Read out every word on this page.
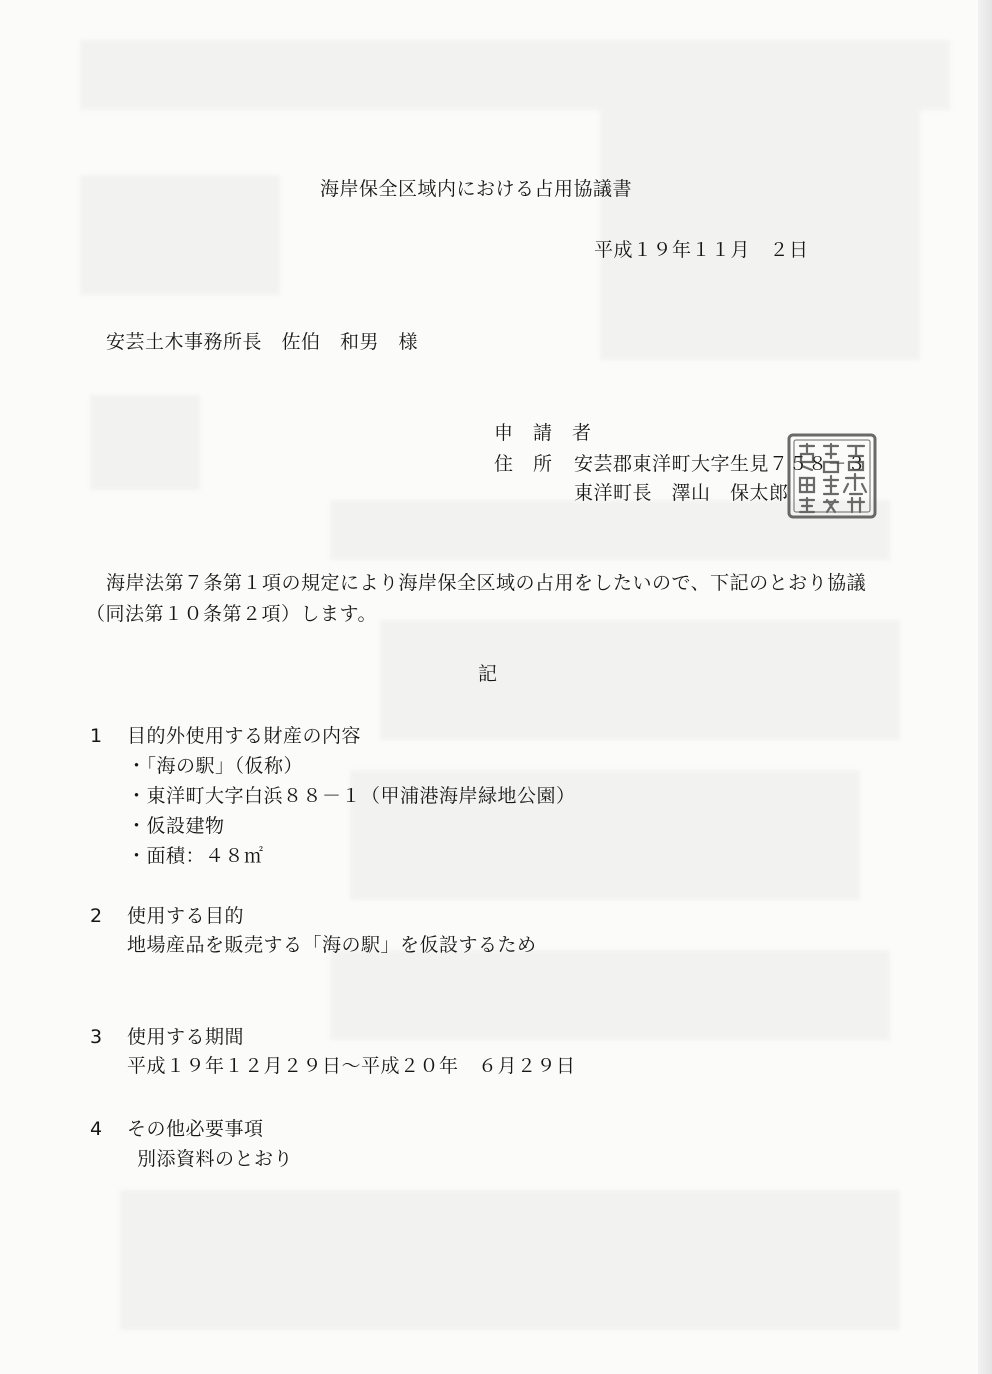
海岸保全区域内における占用協議書
平成１９年１１月　２日
安芸土木事務所長　佐伯　和男　様
申　請　者
住　所 安芸郡東洋町大字生見７５８－３
東洋町長　澤山　保太郎
海岸法第７条第１項の規定により海岸保全区域の占用をしたいので、下記のとおり協議
（同法第１０条第２項）します。
記
1 目的外使用する財産の内容
・「海の駅」（仮称）
・東洋町大字白浜８８－１（甲浦港海岸緑地公園）
・仮設建物
・面積：４８㎡
2 使用する目的
地場産品を販売する「海の駅」を仮設するため
3 使用する期間
平成１９年１２月２９日～平成２０年　６月２９日
4 その他必要事項
別添資料のとおり
